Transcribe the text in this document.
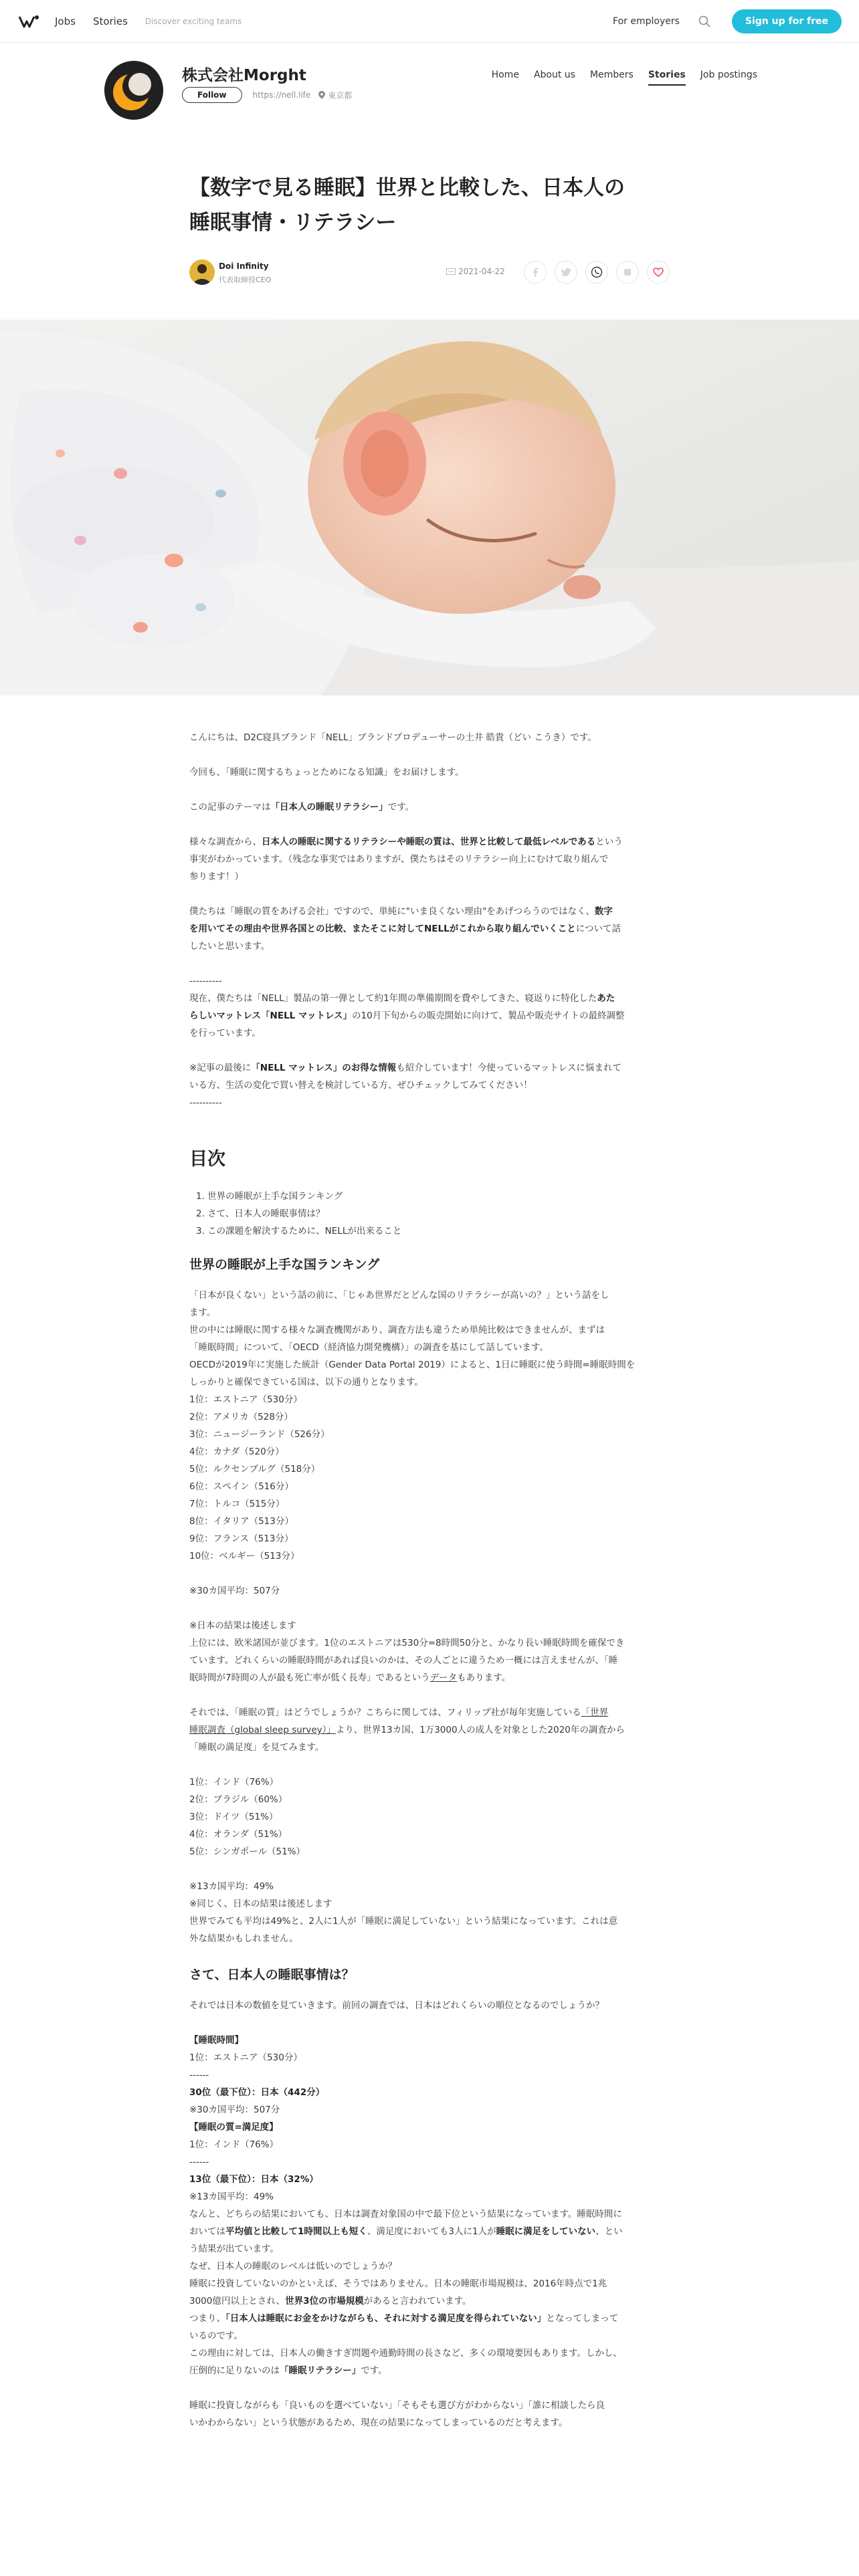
Jobs Stories Discover exciting teams	For employers	Sign up for free
株式会社Morght
Follow	https://nell.life 東京都
Home About us Members Stories Job postings
【数字で見る睡眠】世界と比較した、日本人の
睡眠事情・リテラシー
Doi Infinity
代表取締役CEO
2021-04-22

こんにちは、D2C寝具ブランド「NELL」ブランドプロデューサーの土井 皓貴（どい こうき）です。

今回も、「睡眠に関するちょっとためになる知識」をお届けします。

この記事のテーマは「日本人の睡眠リテラシー」です。

様々な調査から、日本人の睡眠に関するリテラシーや睡眠の質は、世界と比較して最低レベルであるという
事実がわかっています。（残念な事実ではありますが、僕たちはそのリテラシー向上にむけて取り組んで
参ります！）

僕たちは「睡眠の質をあげる会社」ですので、単純に"いま良くない理由"をあげつらうのではなく、数字
を用いてその理由や世界各国との比較、またそこに対してNELLがこれから取り組んでいくことについて話
したいと思います。

----------

現在、僕たちは「NELL」製品の第一弾として約1年間の準備期間を費やしてきた、寝返りに特化したあた
らしいマットレス「NELL マットレス」の10月下旬からの販売開始に向けて、製品や販売サイトの最終調整
を行っています。

※記事の最後に「NELL マットレス」のお得な情報も紹介しています！今使っているマットレスに悩まれて
いる方、生活の変化で買い替えを検討している方、ぜひチェックしてみてください！

----------

目次

1. 世界の睡眠が上手な国ランキング

2. さて、日本人の睡眠事情は？

3. この課題を解決するために、NELLが出来ること

世界の睡眠が上手な国ランキング

「日本が良くない」という話の前に、「じゃあ世界だとどんな国のリテラシーが高いの？」という話をし
ます。

世の中には睡眠に関する様々な調査機関があり、調査方法も違うため単純比較はできませんが、まずは
「睡眠時間」について、「OECD（経済協力開発機構）」の調査を基にして話しています。

OECDが2019年に実施した統計（Gender Data Portal 2019）によると、1日に睡眠に使う時間=睡眠時間を
しっかりと確保できている国は、以下の通りとなります。

1位：エストニア（530分）

2位：アメリカ（528分）

3位：ニュージーランド（526分）

4位：カナダ（520分）

5位：ルクセンブルグ（518分）

6位：スペイン（516分）

7位：トルコ（515分）

8位：イタリア（513分）

9位：フランス（513分）

10位：ベルギー（513分）

※30カ国平均：507分

※日本の結果は後述します

上位には、欧米諸国が並びます。1位のエストニアは530分=8時間50分と、かなり長い睡眠時間を確保でき
ています。どれくらいの睡眠時間があれば良いのかは、その人ごとに違うため一概には言えませんが、「睡
眠時間が7時間の人が最も死亡率が低く長寿」であるというデータもあります。

それでは、「睡眠の質」はどうでしょうか？こちらに関しては、フィリップ社が毎年実施している「世界
睡眠調査（global sleep survey）」より、世界13カ国、1万3000人の成人を対象とした2020年の調査から
「睡眠の満足度」を見てみます。

1位：インド（76%）

2位：ブラジル（60%）

3位：ドイツ（51%）

4位：オランダ（51%）

5位：シンガポール（51%）

※13カ国平均：49%

※同じく、日本の結果は後述します

世界でみても平均は49%と、2人に1人が「睡眠に満足していない」という結果になっています。これは意
外な結果かもしれません。

さて、日本人の睡眠事情は？

それでは日本の数値を見ていきます。前回の調査では、日本はどれくらいの順位となるのでしょうか？

【睡眠時間】

1位：エストニア（530分）

------

30位（最下位）：日本（442分）

※30カ国平均：507分

【睡眠の質=満足度】

1位：インド（76%）

------

13位（最下位）：日本（32%）

※13カ国平均：49%

なんと、どちらの結果においても、日本は調査対象国の中で最下位という結果になっています。睡眠時間に
おいては平均値と比較して1時間以上も短く、満足度においても3人に1人が睡眠に満足をしていない、とい
う結果が出ています。

なぜ、日本人の睡眠のレベルは低いのでしょうか？

睡眠に投資していないのかといえば、そうではありません。日本の睡眠市場規模は、2016年時点で1兆
3000億円以上とされ、世界3位の市場規模があると言われています。

つまり、「日本人は睡眠にお金をかけながらも、それに対する満足度を得られていない」となってしまって
いるのです。

この理由に対しては、日本人の働きすぎ問題や通勤時間の長さなど、多くの環境要因もあります。しかし、
圧倒的に足りないのは「睡眠リテラシー」です。

睡眠に投資しながらも「良いものを選べていない」「そもそも選び方がわからない」「誰に相談したら良
いかわからない」という状態があるため、現在の結果になってしまっているのだと考えます。
